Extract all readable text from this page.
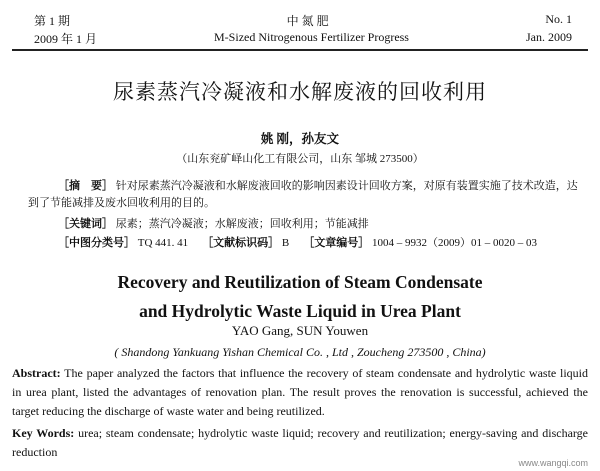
第 1 期	中 氮 肥	No. 1
2009 年 1 月	M-Sized Nitrogenous Fertilizer Progress	Jan. 2009
尿素蒸汽冷凝液和水解废液的回收利用
姚 刚，孙友文
（山东兖矿峄山化工有限公司，山东 邹城 273500）
［摘　要］ 针对尿素蒸汽冷凝液和水解废液回收的影响因素设计回收方案，对原有装置实施了技术改造，达到了节能减排及废水回收利用的目的。
［关键词］ 尿素；蒸汽冷凝液；水解废液；回收利用；节能减排
［中图分类号］ TQ 441. 41 ［文献标识码］ B ［文章编号］ 1004 – 9932（2009）01 – 0020 – 03
Recovery and Reutilization of Steam Condensate
and Hydrolytic Waste Liquid in Urea Plant
YAO Gang, SUN Youwen
( Shandong Yankuang Yishan Chemical Co. , Ltd , Zoucheng 273500 , China)
Abstract: The paper analyzed the factors that influence the recovery of steam condensate and hydrolytic waste liquid in urea plant, listed the advantages of renovation plan. The result proves the renovation is successful, achieved the target reducing the discharge of waste water and being reutilized.
Key Words: urea; steam condensate; hydrolytic waste liquid; recovery and reutilization; energy-saving and discharge reduction
www.wangqi.com
